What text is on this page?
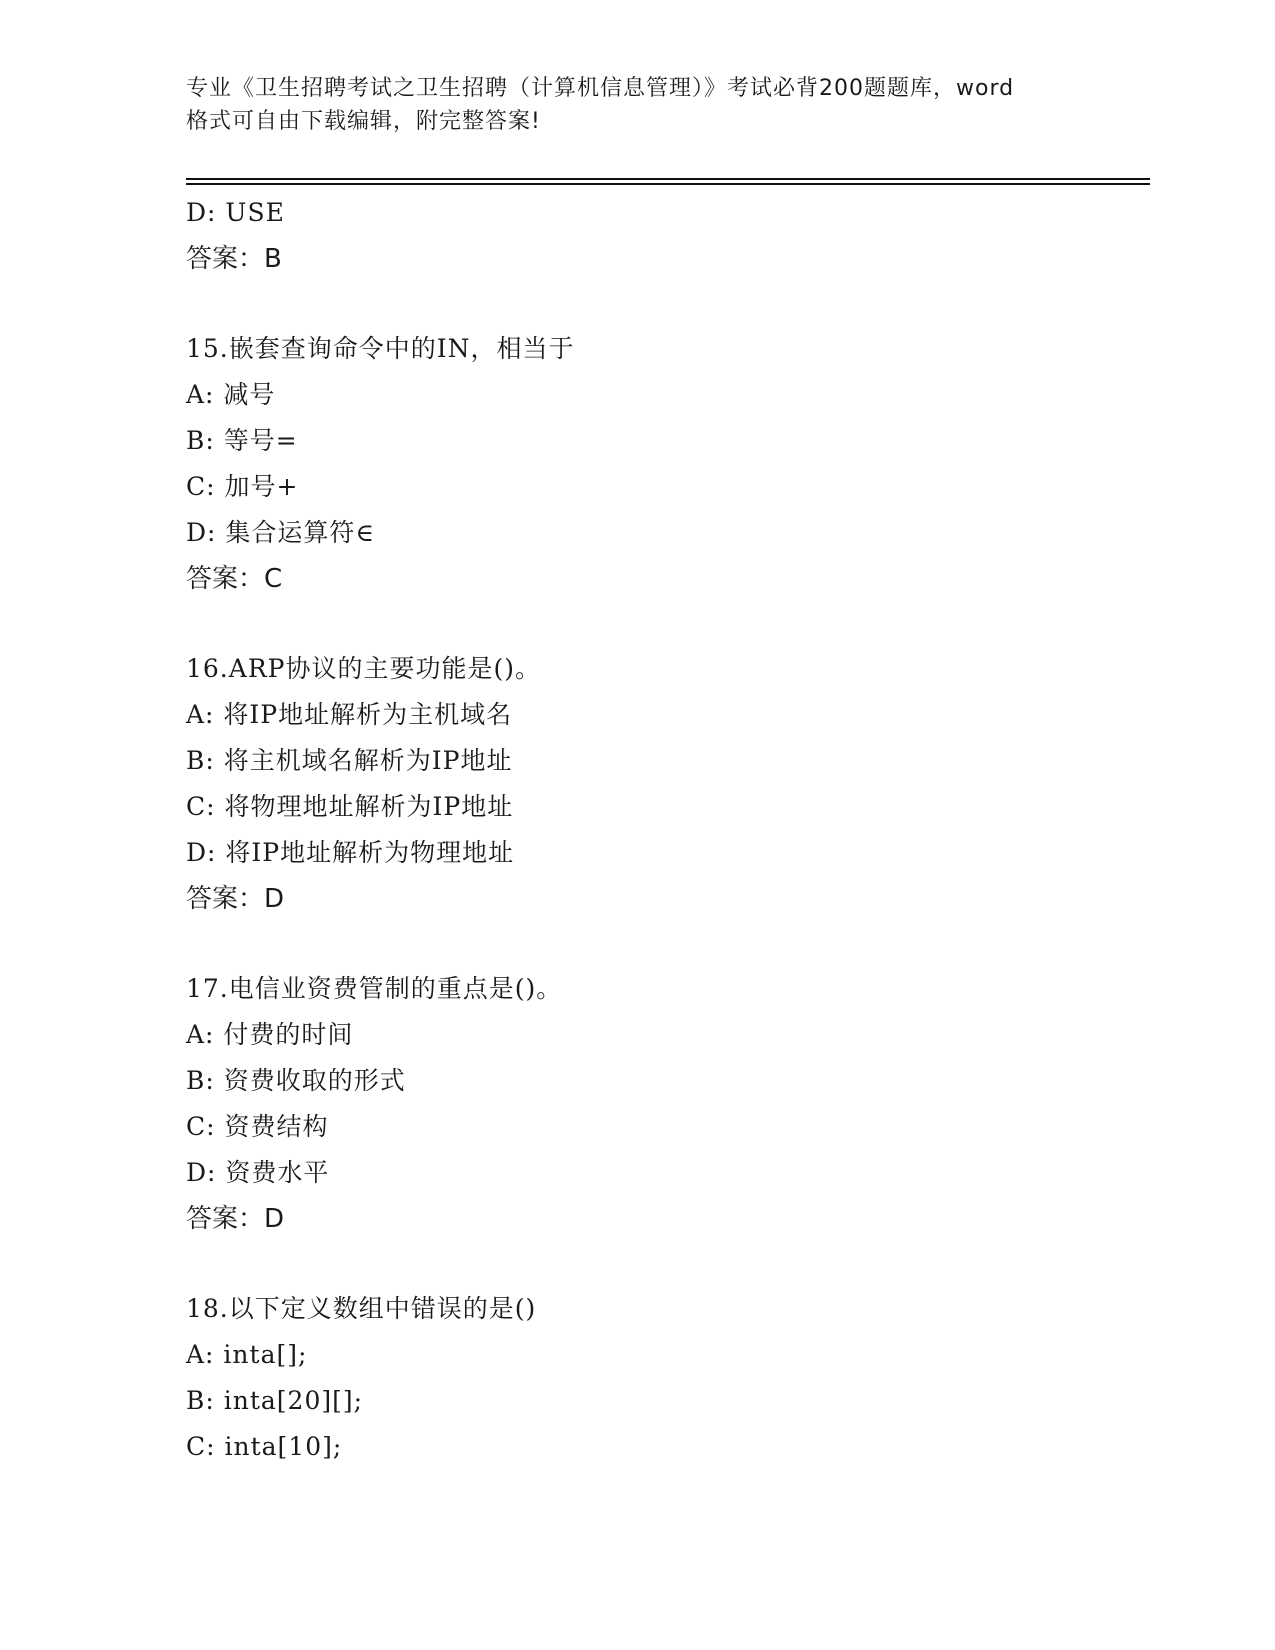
专业《卫生招聘考试之卫生招聘（计算机信息管理）》考试必背200题题库，word
格式可自由下载编辑，附完整答案!
D: USE
答案：B
15.嵌套查询命令中的IN，相当于
A: 减号
B: 等号=
C: 加号+
D: 集合运算符∈
答案：C
16.ARP协议的主要功能是()。
A: 将IP地址解析为主机域名
B: 将主机域名解析为IP地址
C: 将物理地址解析为IP地址
D: 将IP地址解析为物理地址
答案：D
17.电信业资费管制的重点是()。
A: 付费的时间
B: 资费收取的形式
C: 资费结构
D: 资费水平
答案：D
18.以下定义数组中错误的是()
A: inta[];
B: inta[20][];
C: inta[10];
